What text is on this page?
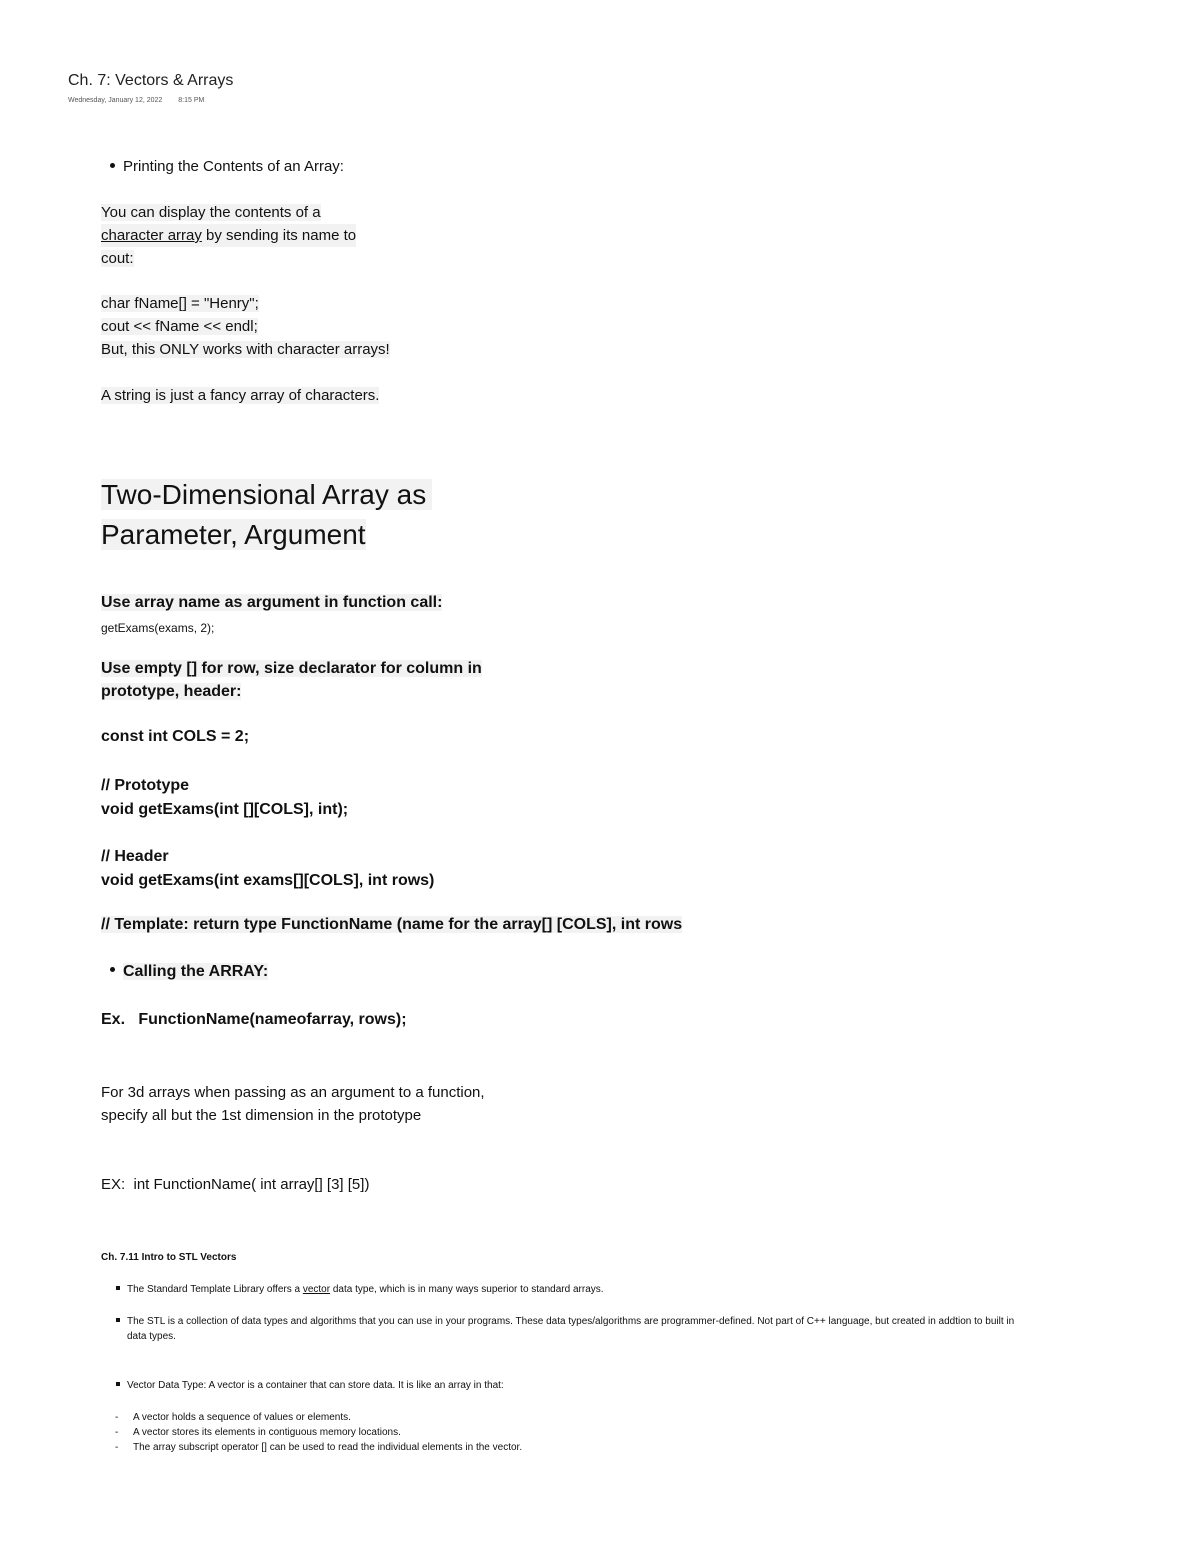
Ch. 7: Vectors & Arrays
Wednesday, January 12, 2022 8:15 PM
Printing the Contents of an Array:
You can display the contents of a
character array by sending its name to
cout:
char fName[] = "Henry";
cout << fName << endl;
But, this ONLY works with character arrays!
A string is just a fancy array of characters.
Two-Dimensional Array as
Parameter, Argument
Use array name as argument in function call:
getExams(exams, 2);
Use empty [] for row, size declarator for column in
prototype, header:
const int COLS = 2;
// Prototype
void getExams(int [][COLS], int);
// Header
void getExams(int exams[][COLS], int rows)
// Template: return type FunctionName (name for the array[] [COLS], int rows
Calling the ARRAY:
Ex.   FunctionName(nameofarray, rows);
For 3d arrays when passing as an argument to a function,
specify all but the 1st dimension in the prototype
EX:  int FunctionName( int array[] [3] [5])
Ch. 7.11 Intro to STL Vectors
The Standard Template Library offers a vector data type, which is in many ways superior to standard arrays.
The STL is a collection of data types and algorithms that you can use in your programs. These data types/algorithms are programmer-defined. Not part of C++ language, but created in addtion to built in
data types.
Vector Data Type: A vector is a container that can store data. It is like an array in that:
- A vector holds a sequence of values or elements.
- A vector stores its elements in contiguous memory locations.
- The array subscript operator [] can be used to read the individual elements in the vector.
